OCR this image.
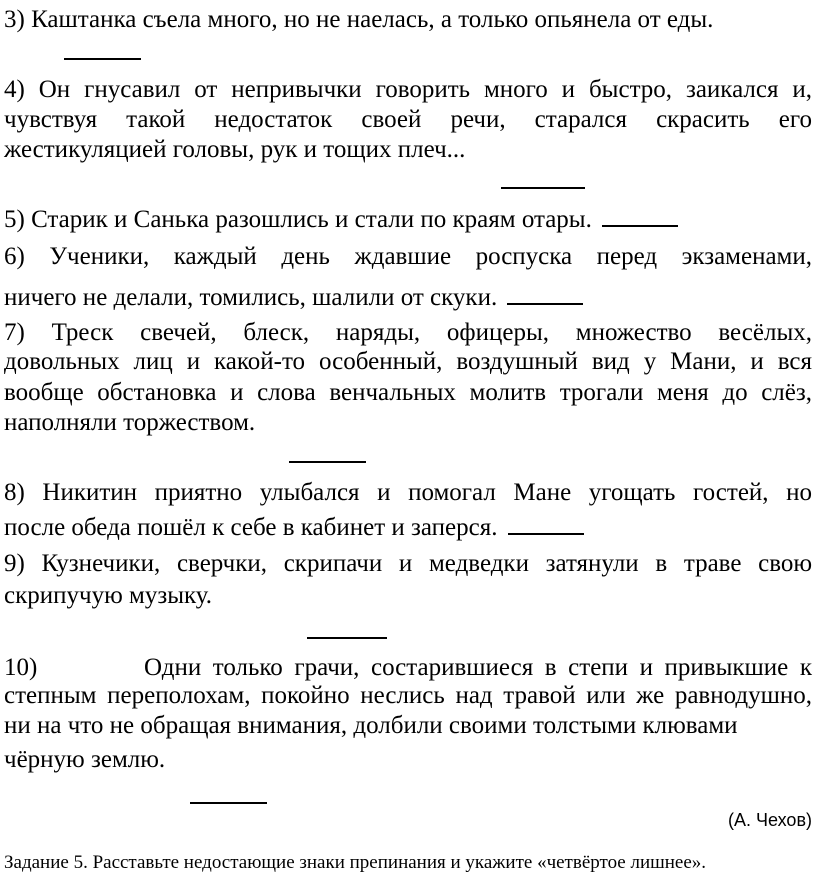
3) Каштанка съела много, но не наелась, а только опьянела от еды.
4) Он гнусавил от непривычки говорить много и быстро, заикался и,
чувствуя такой недостаток своей речи, старался скрасить его
жестикуляцией головы, рук и тощих плеч...
5) Старик и Санька разошлись и стали по краям отары.
6) Ученики, каждый день ждавшие роспуска перед экзаменами,
ничего не делали, томились, шалили от скуки.
7) Треск свечей, блеск, наряды, офицеры, множество весёлых,
довольных лиц и какой-то особенный, воздушный вид у Мани, и вся
вообще обстановка и слова венчальных молитв трогали меня до слёз,
наполняли торжеством.
8) Никитин приятно улыбался и помогал Мане угощать гостей, но
после обеда пошёл к себе в кабинет и заперся.
9) Кузнечики, сверчки, скрипачи и медведки затянули в траве свою
скрипучую музыку.
10)	Одни только грачи, состарившиеся в степи и привыкшие к
степным переполохам, покойно неслись над травой или же равнодушно,
ни на что не обращая внимания, долбили своими толстыми клювами
чёрную землю.
(А. Чехов)
Задание 5. Расставьте недостающие знаки препинания и укажите «четвёртое лишнее».
